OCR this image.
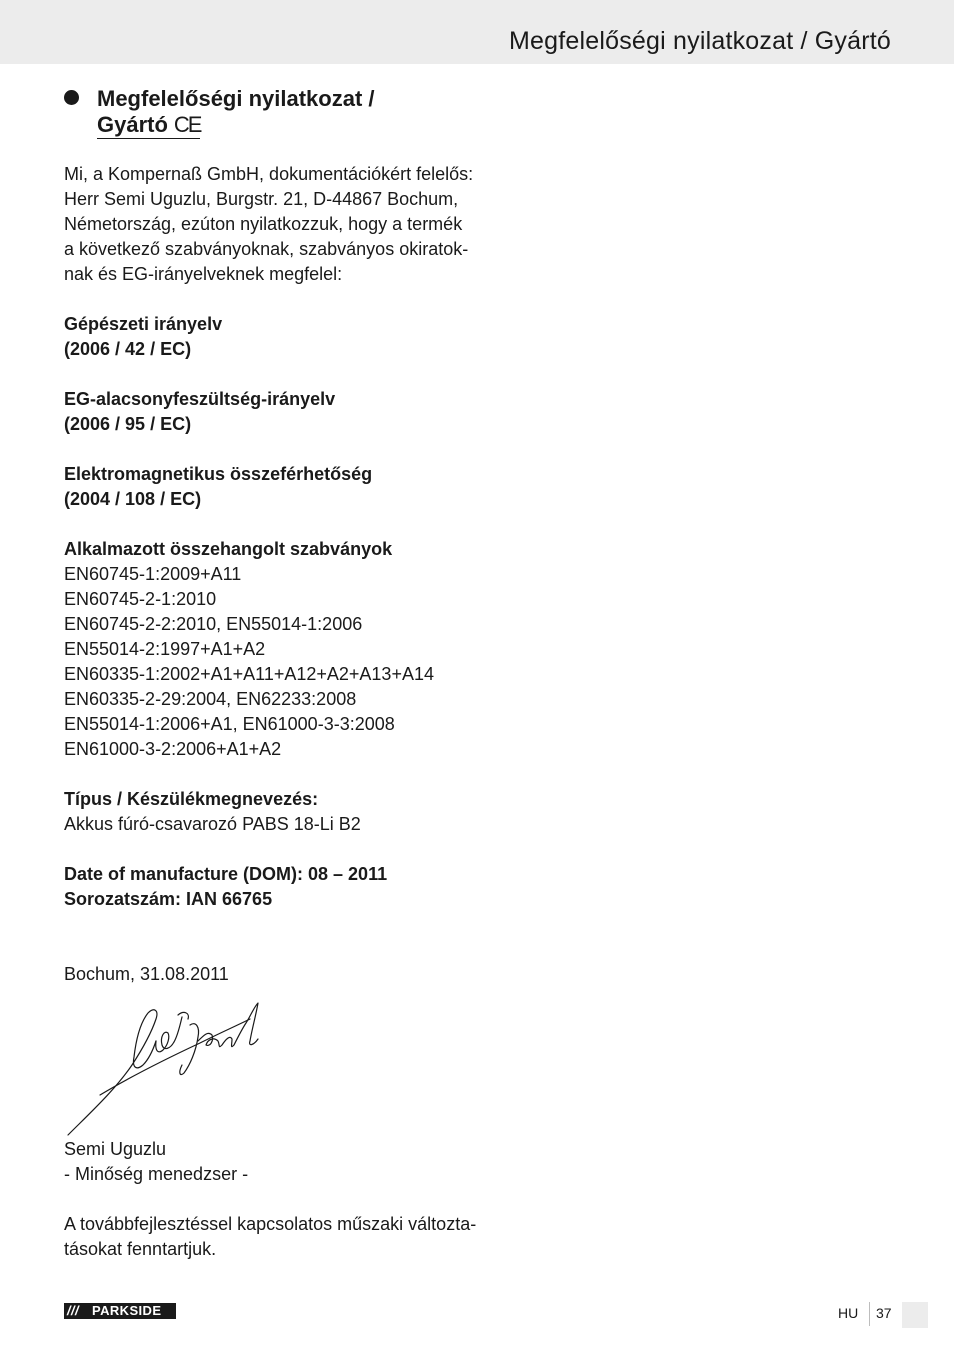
Megfelelőségi nyilatkozat / Gyártó
Megfelelőségi nyilatkozat /
Gyártó CE

Mi, a Kompernaß GmbH, dokumentációkért felelős:

Herr Semi Uguzlu, Burgstr. 21, D-44867 Bochum,

Németország, ezúton nyilatkozzuk, hogy a termék

a következő szabványoknak, szabványos okiratok-

nak és EG-irányelveknek megfelel:

Gépészeti irányelv

(2006 / 42 / EC)

EG-alacsonyfeszültség-irányelv

(2006 / 95 / EC)

Elektromagnetikus összeférhetőség

(2004 / 108 / EC)

Alkalmazott összehangolt szabványok

EN60745-1:2009+A11

EN60745-2-1:2010

EN60745-2-2:2010, EN55014-1:2006

EN55014-2:1997+A1+A2

EN60335-1:2002+A1+A11+A12+A2+A13+A14

EN60335-2-29:2004, EN62233:2008

EN55014-1:2006+A1, EN61000-3-3:2008

EN61000-3-2:2006+A1+A2

Típus / Készülékmegnevezés:

Akkus fúró-csavarozó PABS 18-Li B2

Date of manufacture (DOM): 08 – 2011

Sorozatszám: IAN 66765

Bochum, 31.08.2011

Semi Uguzlu

- Minőség menedzser -

A továbbfejlesztéssel kapcsolatos műszaki változta-

tásokat fenntartjuk.

/// PARKSIDE	HU 37
